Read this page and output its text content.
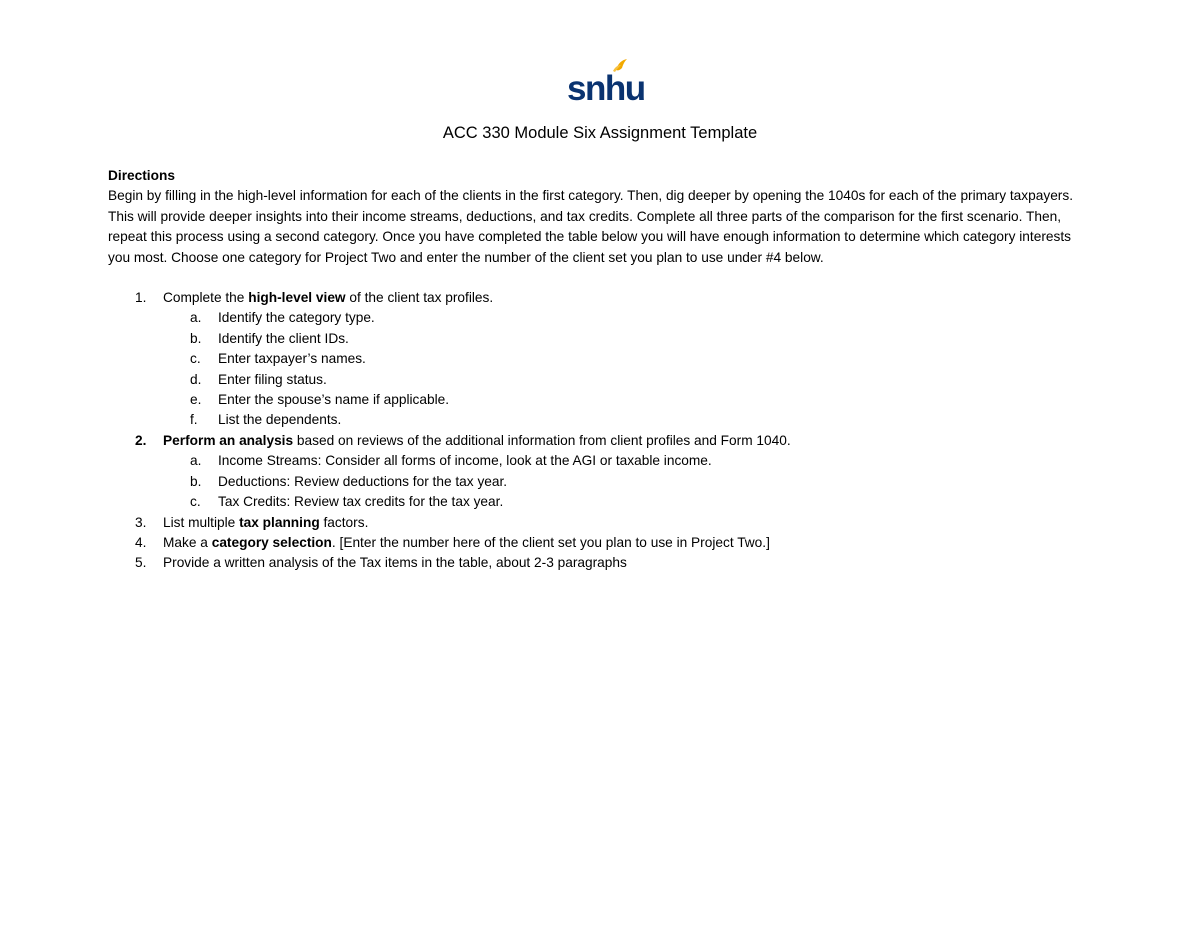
snhu
ACC 330 Module Six Assignment Template

Directions

Begin by filling in the high-level information for each of the clients in the first category. Then, dig deeper by opening the 1040s for each of the primary taxpayers. This will provide deeper insights into their income streams, deductions, and tax credits. Complete all three parts of the comparison for the first scenario. Then, repeat this process using a second category. Once you have completed the table below you will have enough information to determine which category interests you most. Choose one category for Project Two and enter the number of the client set you plan to use under #4 below.

1. Complete the high-level view of the client tax profiles.
a. Identify the category type.
b. Identify the client IDs.
c. Enter taxpayer’s names.
d. Enter filing status.
e. Enter the spouse’s name if applicable.
f. List the dependents.
2. Perform an analysis based on reviews of the additional information from client profiles and Form 1040.
a. Income Streams: Consider all forms of income, look at the AGI or taxable income.
b. Deductions: Review deductions for the tax year.
c. Tax Credits: Review tax credits for the tax year.
3. List multiple tax planning factors.
4. Make a category selection. [Enter the number here of the client set you plan to use in Project Two.]
5. Provide a written analysis of the Tax items in the table, about 2-3 paragraphs
